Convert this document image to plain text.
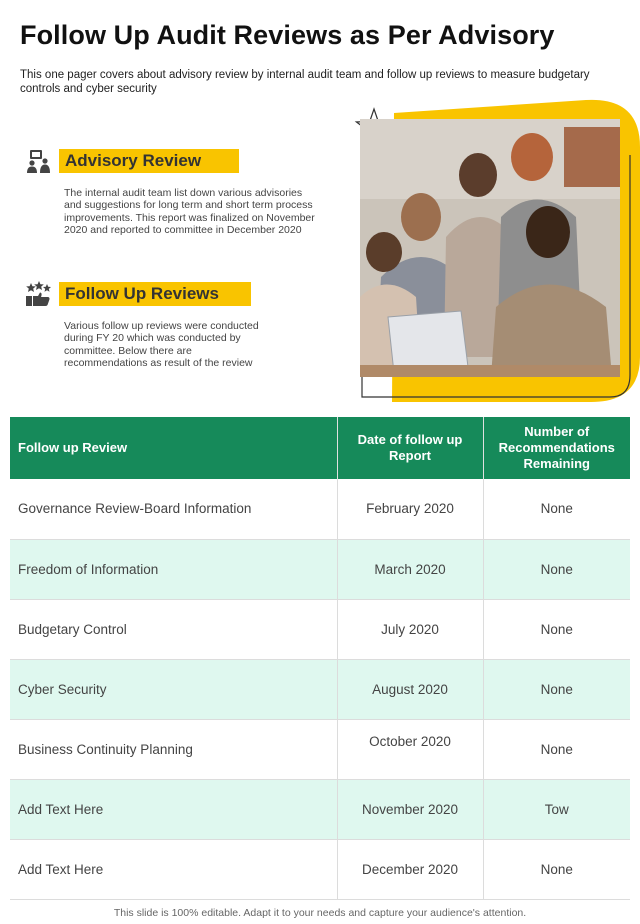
Follow Up Audit Reviews as Per Advisory

This one pager covers about advisory review by internal audit team and follow up reviews to measure budgetary controls and cyber security

Advisory Review

The internal audit team list down various advisories and suggestions for long term and short term process improvements. This report was finalized on November 2020 and reported to committee in December 2020

Follow Up Reviews

Various follow up reviews were conducted during FY 20 which was conducted by committee. Below there are recommendations as result of the review

Follow up Review	Date of follow up Report	Number of Recommendations Remaining
Governance Review-Board Information	February 2020	None
Freedom of Information	March 2020	None
Budgetary Control	July 2020	None
Cyber Security	August 2020	None
Business Continuity Planning	October 2020	None
Add Text Here	November 2020	Tow
Add Text Here	December 2020	None

This slide is 100% editable. Adapt it to your needs and capture your audience's attention.
